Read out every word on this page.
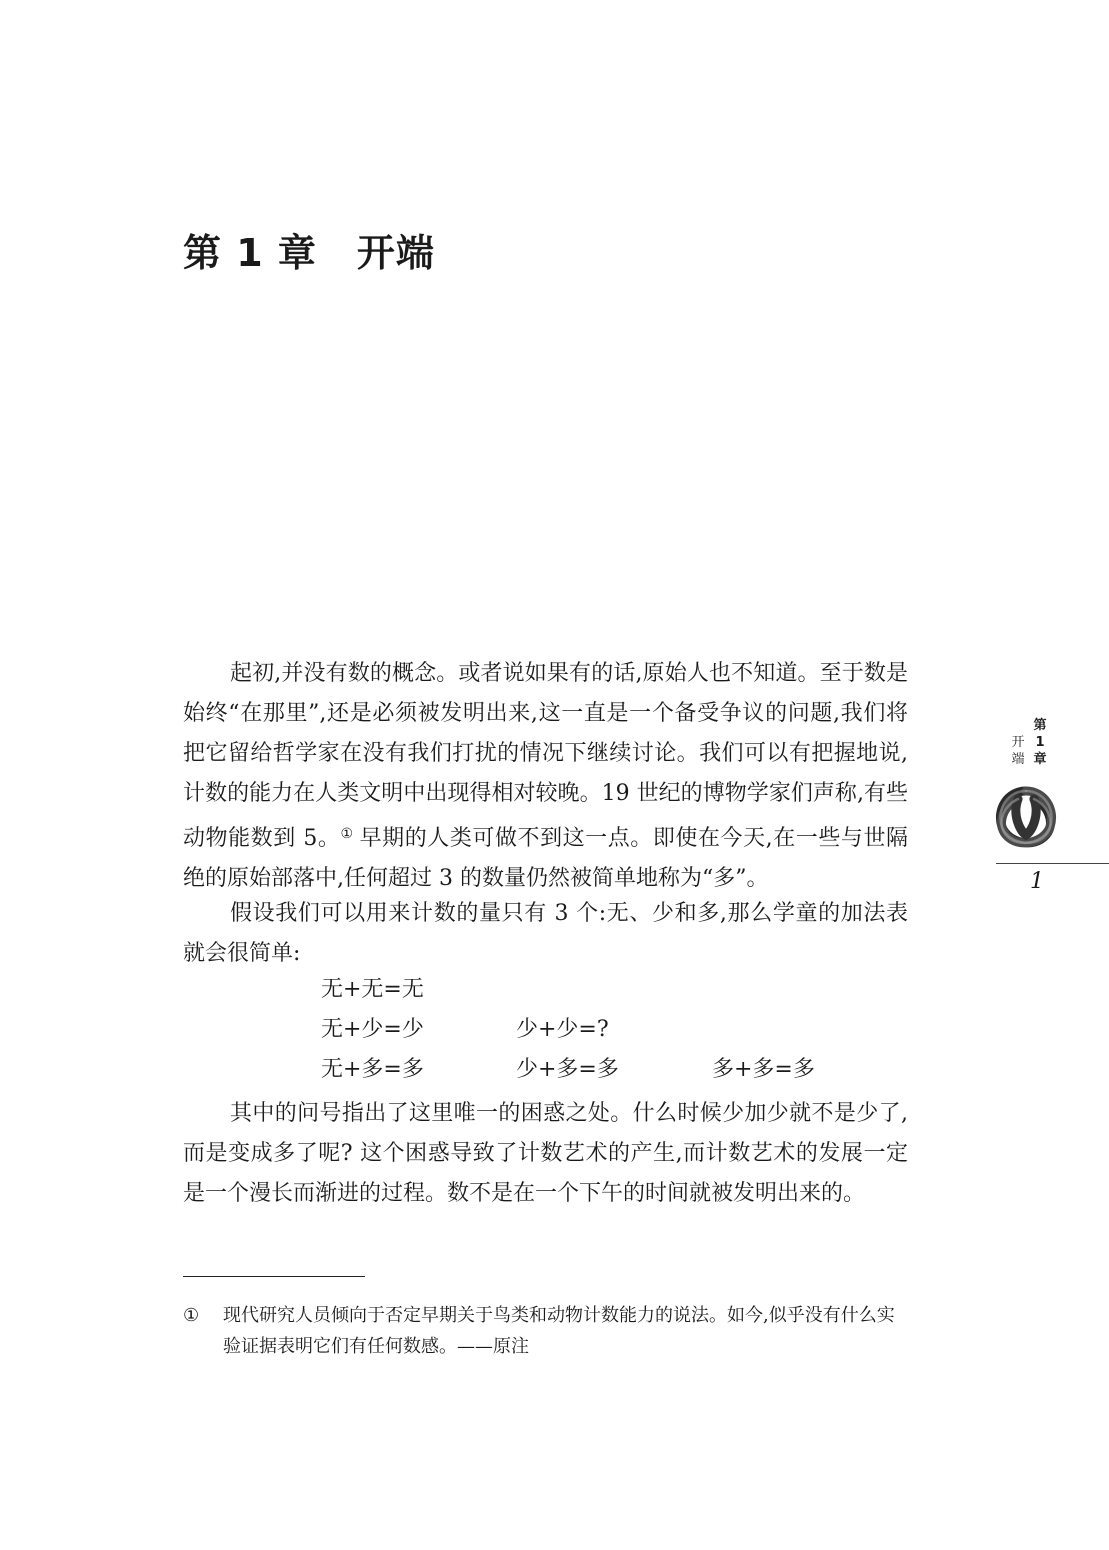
第 1 章 开端

起初,并没有数的概念。或者说如果有的话,原始人也不知道。至于数是始终“在那里”,还是必须被发明出来,这一直是一个备受争议的问题,我们将把它留给哲学家在没有我们打扰的情况下继续讨论。我们可以有把握地说,计数的能力在人类文明中出现得相对较晚。19 世纪的博物学家们声称,有些动物能数到 5。① 早期的人类可做不到这一点。即使在今天,在一些与世隔绝的原始部落中,任何超过 3 的数量仍然被简单地称为“多”。

假设我们可以用来计数的量只有 3 个:无、少和多,那么学童的加法表就会很简单:

无+无=无
无+少=少	少+少=?
无+多=多	少+多=多	多+多=多

其中的问号指出了这里唯一的困惑之处。什么时候少加少就不是少了,而是变成多了呢? 这个困惑导致了计数艺术的产生,而计数艺术的发展一定是一个漫长而渐进的过程。数不是在一个下午的时间就被发明出来的。

① 现代研究人员倾向于否定早期关于鸟类和动物计数能力的说法。如今,似乎没有什么实验证据表明它们有任何数感。——原注
第1章
开端
1
